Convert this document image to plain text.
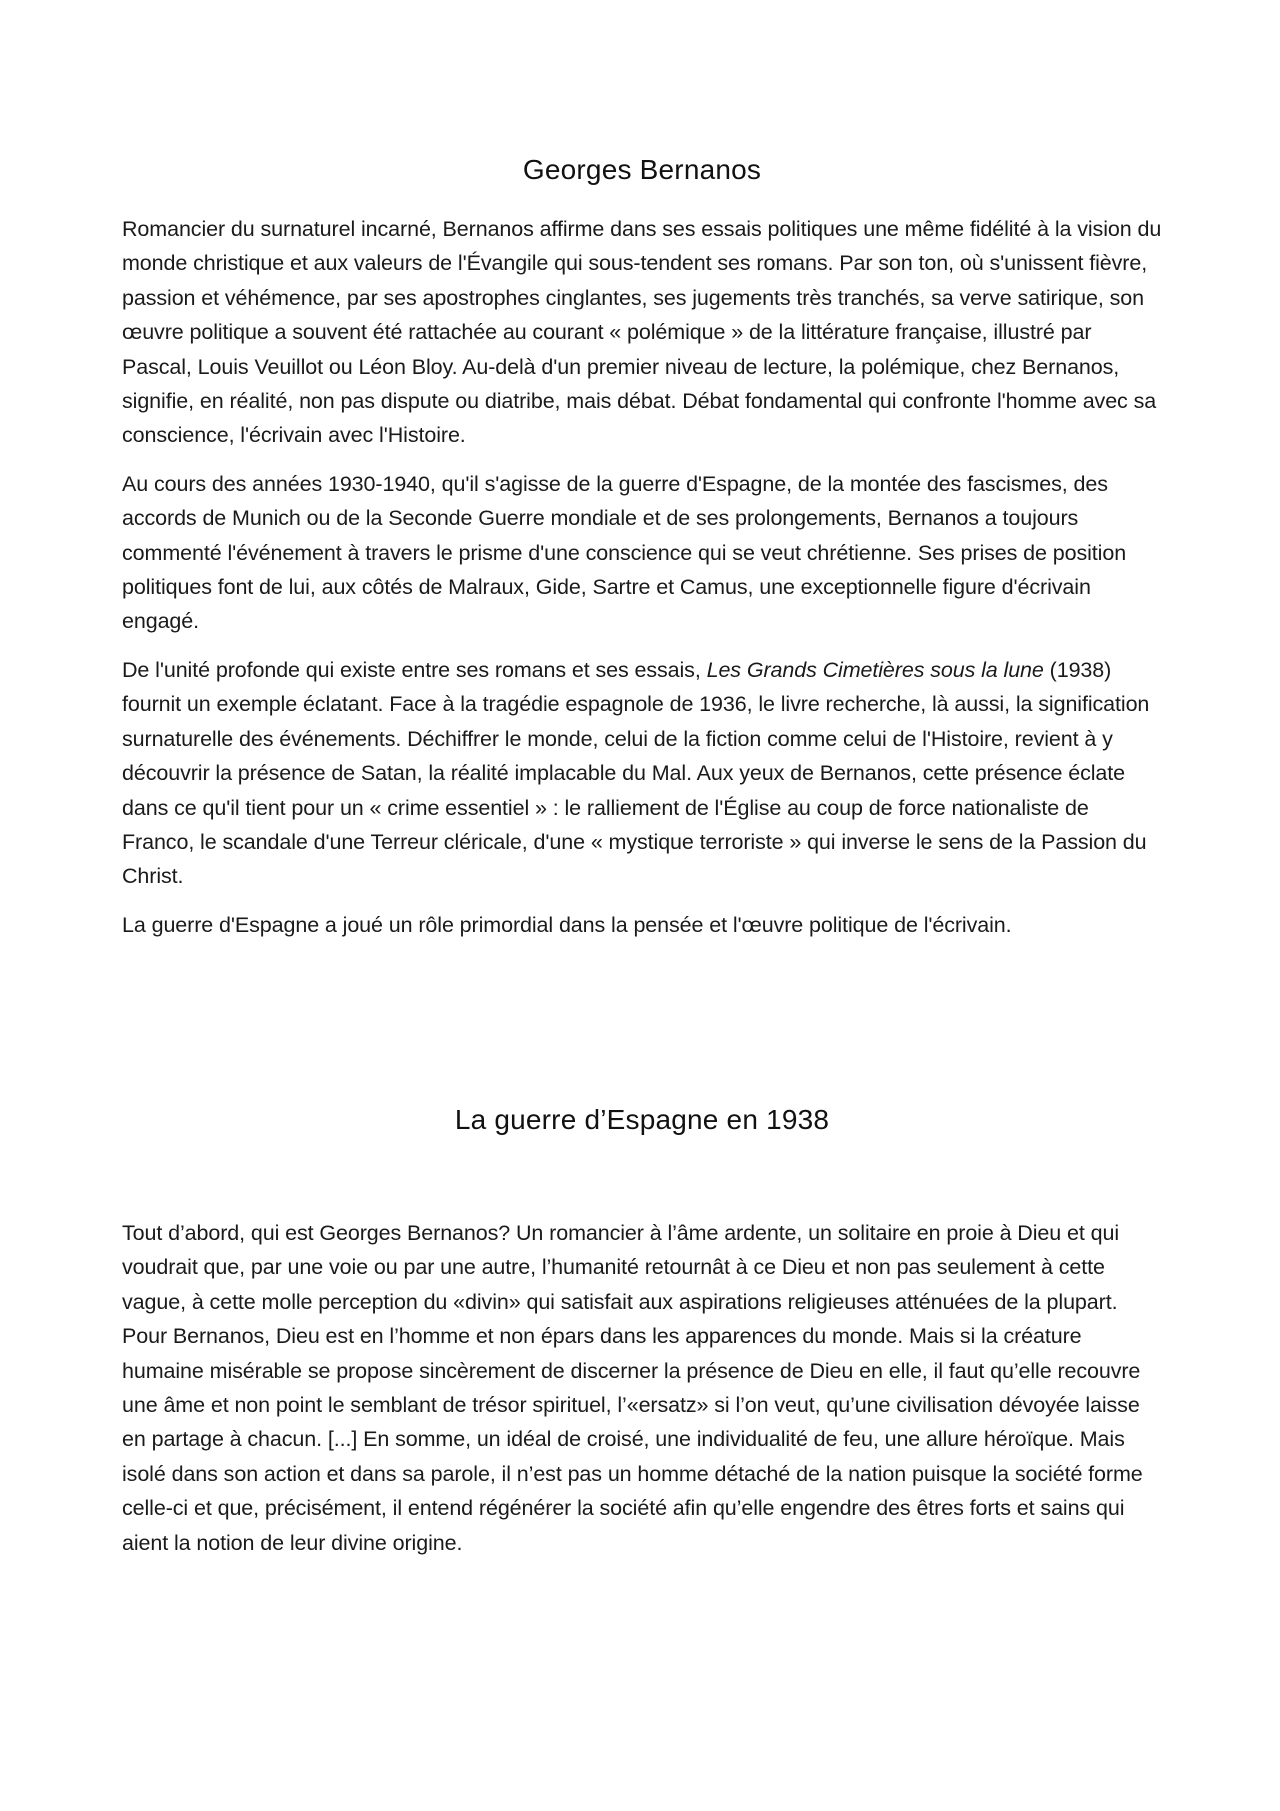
Georges Bernanos

Romancier du surnaturel incarné, Bernanos affirme dans ses essais politiques une même fidélité à la vision du monde christique et aux valeurs de l'Évangile qui sous-tendent ses romans. Par son ton, où s'unissent fièvre, passion et véhémence, par ses apostrophes cinglantes, ses jugements très tranchés, sa verve satirique, son œuvre politique a souvent été rattachée au courant « polémique » de la littérature française, illustré par Pascal, Louis Veuillot ou Léon Bloy. Au-delà d'un premier niveau de lecture, la polémique, chez Bernanos, signifie, en réalité, non pas dispute ou diatribe, mais débat. Débat fondamental qui confronte l'homme avec sa conscience, l'écrivain avec l'Histoire.

Au cours des années 1930-1940, qu'il s'agisse de la guerre d'Espagne, de la montée des fascismes, des accords de Munich ou de la Seconde Guerre mondiale et de ses prolongements, Bernanos a toujours commenté l'événement à travers le prisme d'une conscience qui se veut chrétienne. Ses prises de position politiques font de lui, aux côtés de Malraux, Gide, Sartre et Camus, une exceptionnelle figure d'écrivain engagé.

De l'unité profonde qui existe entre ses romans et ses essais, Les Grands Cimetières sous la lune (1938) fournit un exemple éclatant. Face à la tragédie espagnole de 1936, le livre recherche, là aussi, la signification surnaturelle des événements. Déchiffrer le monde, celui de la fiction comme celui de l'Histoire, revient à y découvrir la présence de Satan, la réalité implacable du Mal. Aux yeux de Bernanos, cette présence éclate dans ce qu'il tient pour un « crime essentiel » : le ralliement de l'Église au coup de force nationaliste de Franco, le scandale d'une Terreur cléricale, d'une « mystique terroriste » qui inverse le sens de la Passion du Christ.

La guerre d'Espagne a joué un rôle primordial dans la pensée et l'œuvre politique de l'écrivain.

La guerre d’Espagne en 1938

Tout d’abord, qui est Georges Bernanos? Un romancier à l’âme ardente, un solitaire en proie à Dieu et qui voudrait que, par une voie ou par une autre, l’humanité retournât à ce Dieu et non pas seulement à cette vague, à cette molle perception du «divin» qui satisfait aux aspirations religieuses atténuées de la plupart. Pour Bernanos, Dieu est en l’homme et non épars dans les apparences du monde. Mais si la créature humaine misérable se propose sincèrement de discerner la présence de Dieu en elle, il faut qu’elle recouvre une âme et non point le semblant de trésor spirituel, l’«ersatz» si l’on veut, qu’une civilisation dévoyée laisse en partage à chacun. [...] En somme, un idéal de croisé, une individualité de feu, une allure héroïque. Mais isolé dans son action et dans sa parole, il n’est pas un homme détaché de la nation puisque la société forme celle-ci et que, précisément, il entend régénérer la société afin qu’elle engendre des êtres forts et sains qui aient la notion de leur divine origine.
